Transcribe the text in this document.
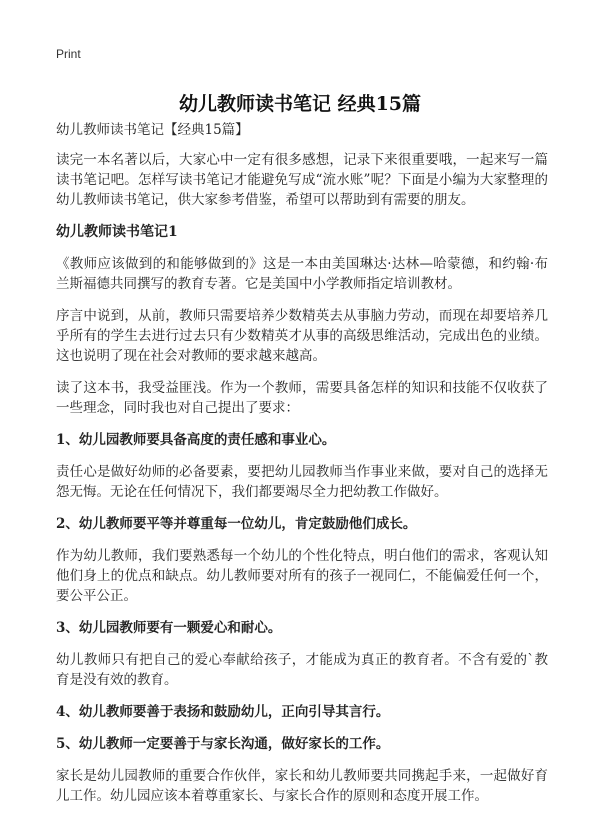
Print
幼儿教师读书笔记 经典15篇
幼儿教师读书笔记【经典15篇】

读完一本名著以后，大家心中一定有很多感想，记录下来很重要哦，一起来写一篇读书笔记吧。怎样写读书笔记才能避免写成“流水账”呢？下面是小编为大家整理的幼儿教师读书笔记，供大家参考借鉴，希望可以帮助到有需要的朋友。

幼儿教师读书笔记1

《教师应该做到的和能够做到的》这是一本由美国琳达·达林—哈蒙德，和约翰·布兰斯福德共同撰写的教育专著。它是美国中小学教师指定培训教材。

序言中说到，从前，教师只需要培养少数精英去从事脑力劳动，而现在却要培养几乎所有的学生去进行过去只有少数精英才从事的高级思维活动，完成出色的业绩。这也说明了现在社会对教师的要求越来越高。

读了这本书，我受益匪浅。作为一个教师，需要具备怎样的知识和技能不仅收获了一些理念，同时我也对自己提出了要求：

1、幼儿园教师要具备高度的责任感和事业心。

责任心是做好幼师的必备要素，要把幼儿园教师当作事业来做，要对自己的选择无怨无悔。无论在任何情况下，我们都要竭尽全力把幼教工作做好。

2、幼儿教师要平等并尊重每一位幼儿，肯定鼓励他们成长。

作为幼儿教师，我们要熟悉每一个幼儿的个性化特点，明白他们的需求，客观认知他们身上的优点和缺点。幼儿教师要对所有的孩子一视同仁，不能偏爱任何一个，要公平公正。

3、幼儿园教师要有一颗爱心和耐心。

幼儿教师只有把自己的爱心奉献给孩子，才能成为真正的教育者。不含有爱的`教育是没有效的教育。

4、幼儿教师要善于表扬和鼓励幼儿，正向引导其言行。
5、幼儿教师一定要善于与家长沟通，做好家长的工作。

家长是幼儿园教师的重要合作伙伴，家长和幼儿教师要共同携起手来，一起做好育儿工作。幼儿园应该本着尊重家长、与家长合作的原则和态度开展工作。
